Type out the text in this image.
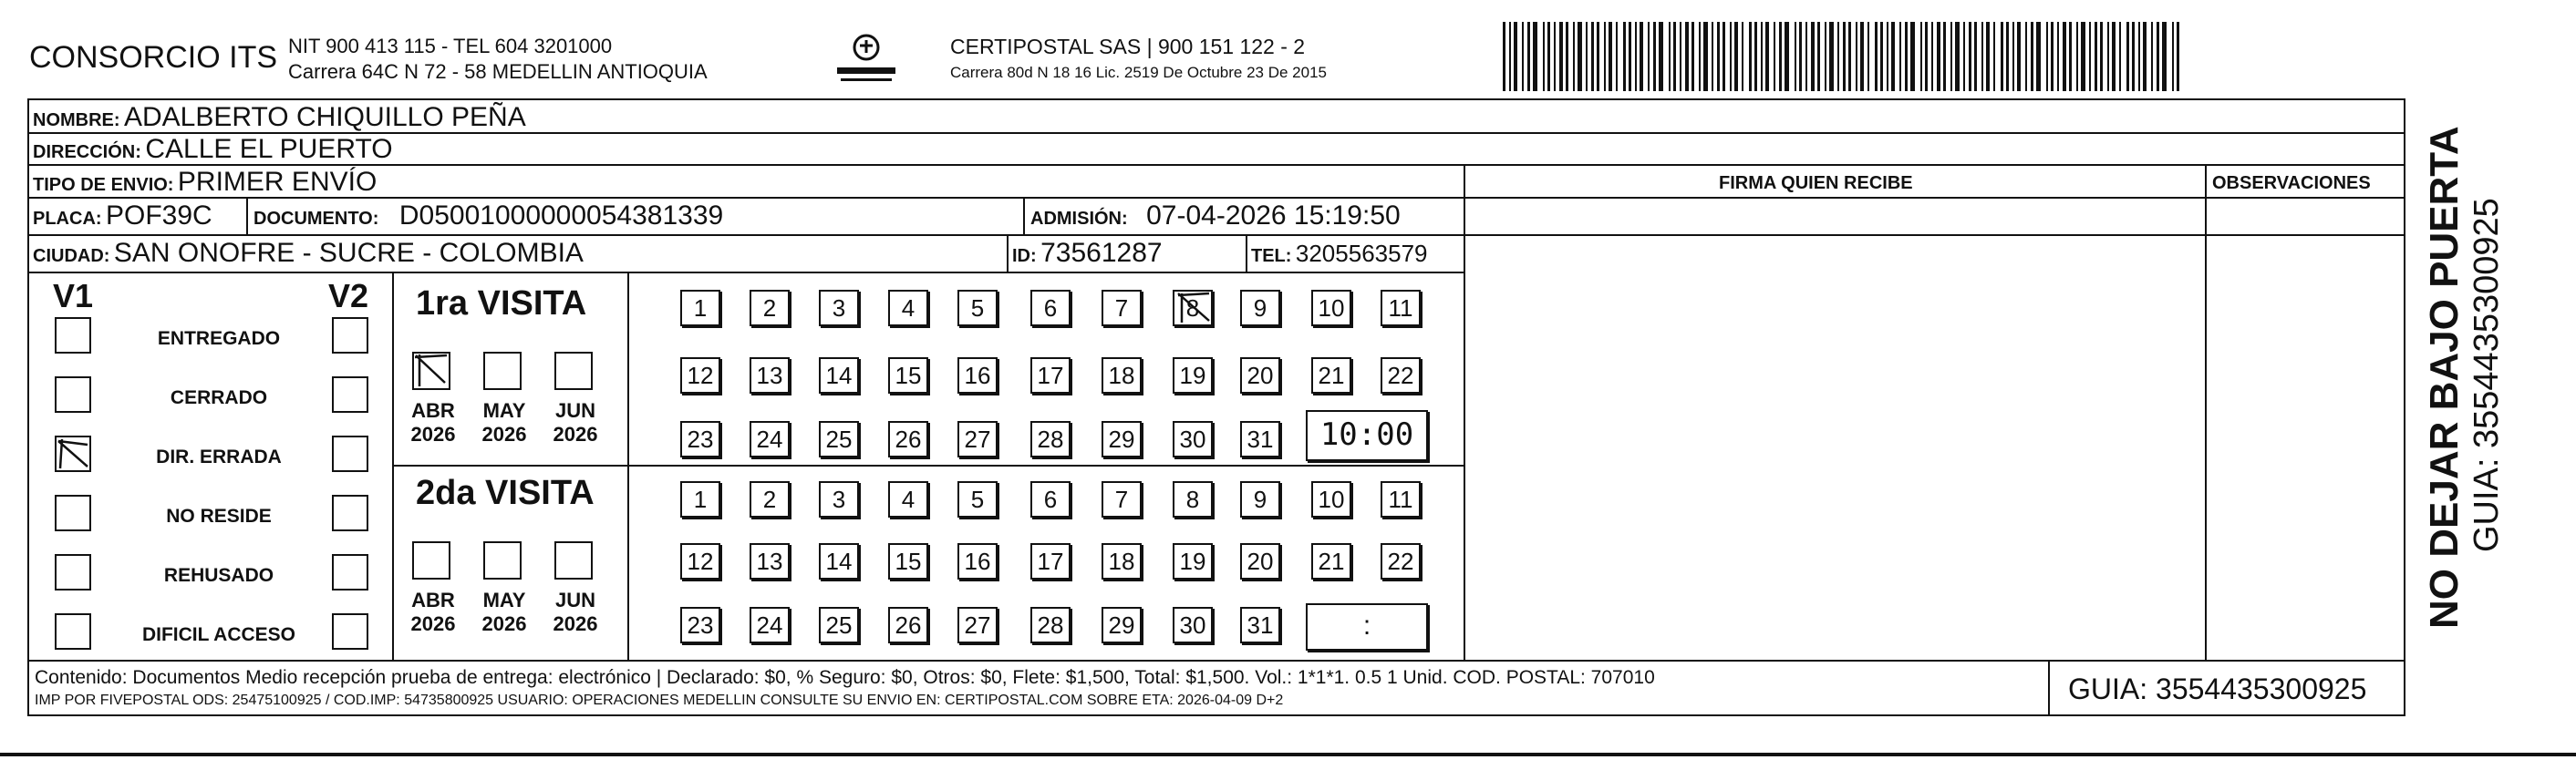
CONSORCIO ITS NIT 900 413 115 - TEL 604 3201000
Carrera 64C N 72 - 58 MEDELLIN ANTIOQUIA
CERTIPOSTAL SAS | 900 151 122 - 2
Carrera 80d N 18 16 Lic. 2519 De Octubre 23 De 2015
FIRMA QUIEN RECIBE	OBSERVACIONES
NOMBRE: ADALBERTO CHIQUILLO PEÑA
DIRECCIÓN: CALLE EL PUERTO
TIPO DE ENVIO: PRIMER ENVÍO
PLACA: POF39C DOCUMENTO: D05001000000054381339	ADMISIÓN: 07-04-2026 15:19:50
CIUDAD: SAN ONOFRE - SUCRE - COLOMBIA	ID: 73561287	TEL: 3205563579
V1	V2
ENTREGADO
CERRADO
DIR. ERRADA
NO RESIDE
REHUSADO
DIFICIL ACCESO
1ra VISITA
ABR
2026
MAY
2026
JUN
2026
1	2	3	4	5	6	7	8	9	10	11
12 13 14 15 16 17 18 19 20 21 22
23 24 25 26 27 28 29 30 31	10:00
2da VISITA
ABR
2026
MAY
2026
JUN
2026
1	2	3	4	5	6	7	8	9	10	11
12 13 14 15 16 17 18 19 20 21 22
23 24 25 26 27 28 29 30 31	:
Contenido: Documentos Medio recepción prueba de entrega: electrónico | Declarado: $0, % Seguro: $0, Otros: $0, Flete: $1,500, Total: $1,500. Vol.: 1*1*1. 0.5 1 Unid. COD. POSTAL: 707010
IMP POR FIVEPOSTAL ODS: 25475100925 / COD.IMP: 54735800925 USUARIO: OPERACIONES MEDELLIN CONSULTE SU ENVIO EN: CERTIPOSTAL.COM SOBRE ETA: 2026-04-09 D+2	GUIA: 3554435300925
NO DEJAR BAJO PUERTA GUIA: 3554435300925
